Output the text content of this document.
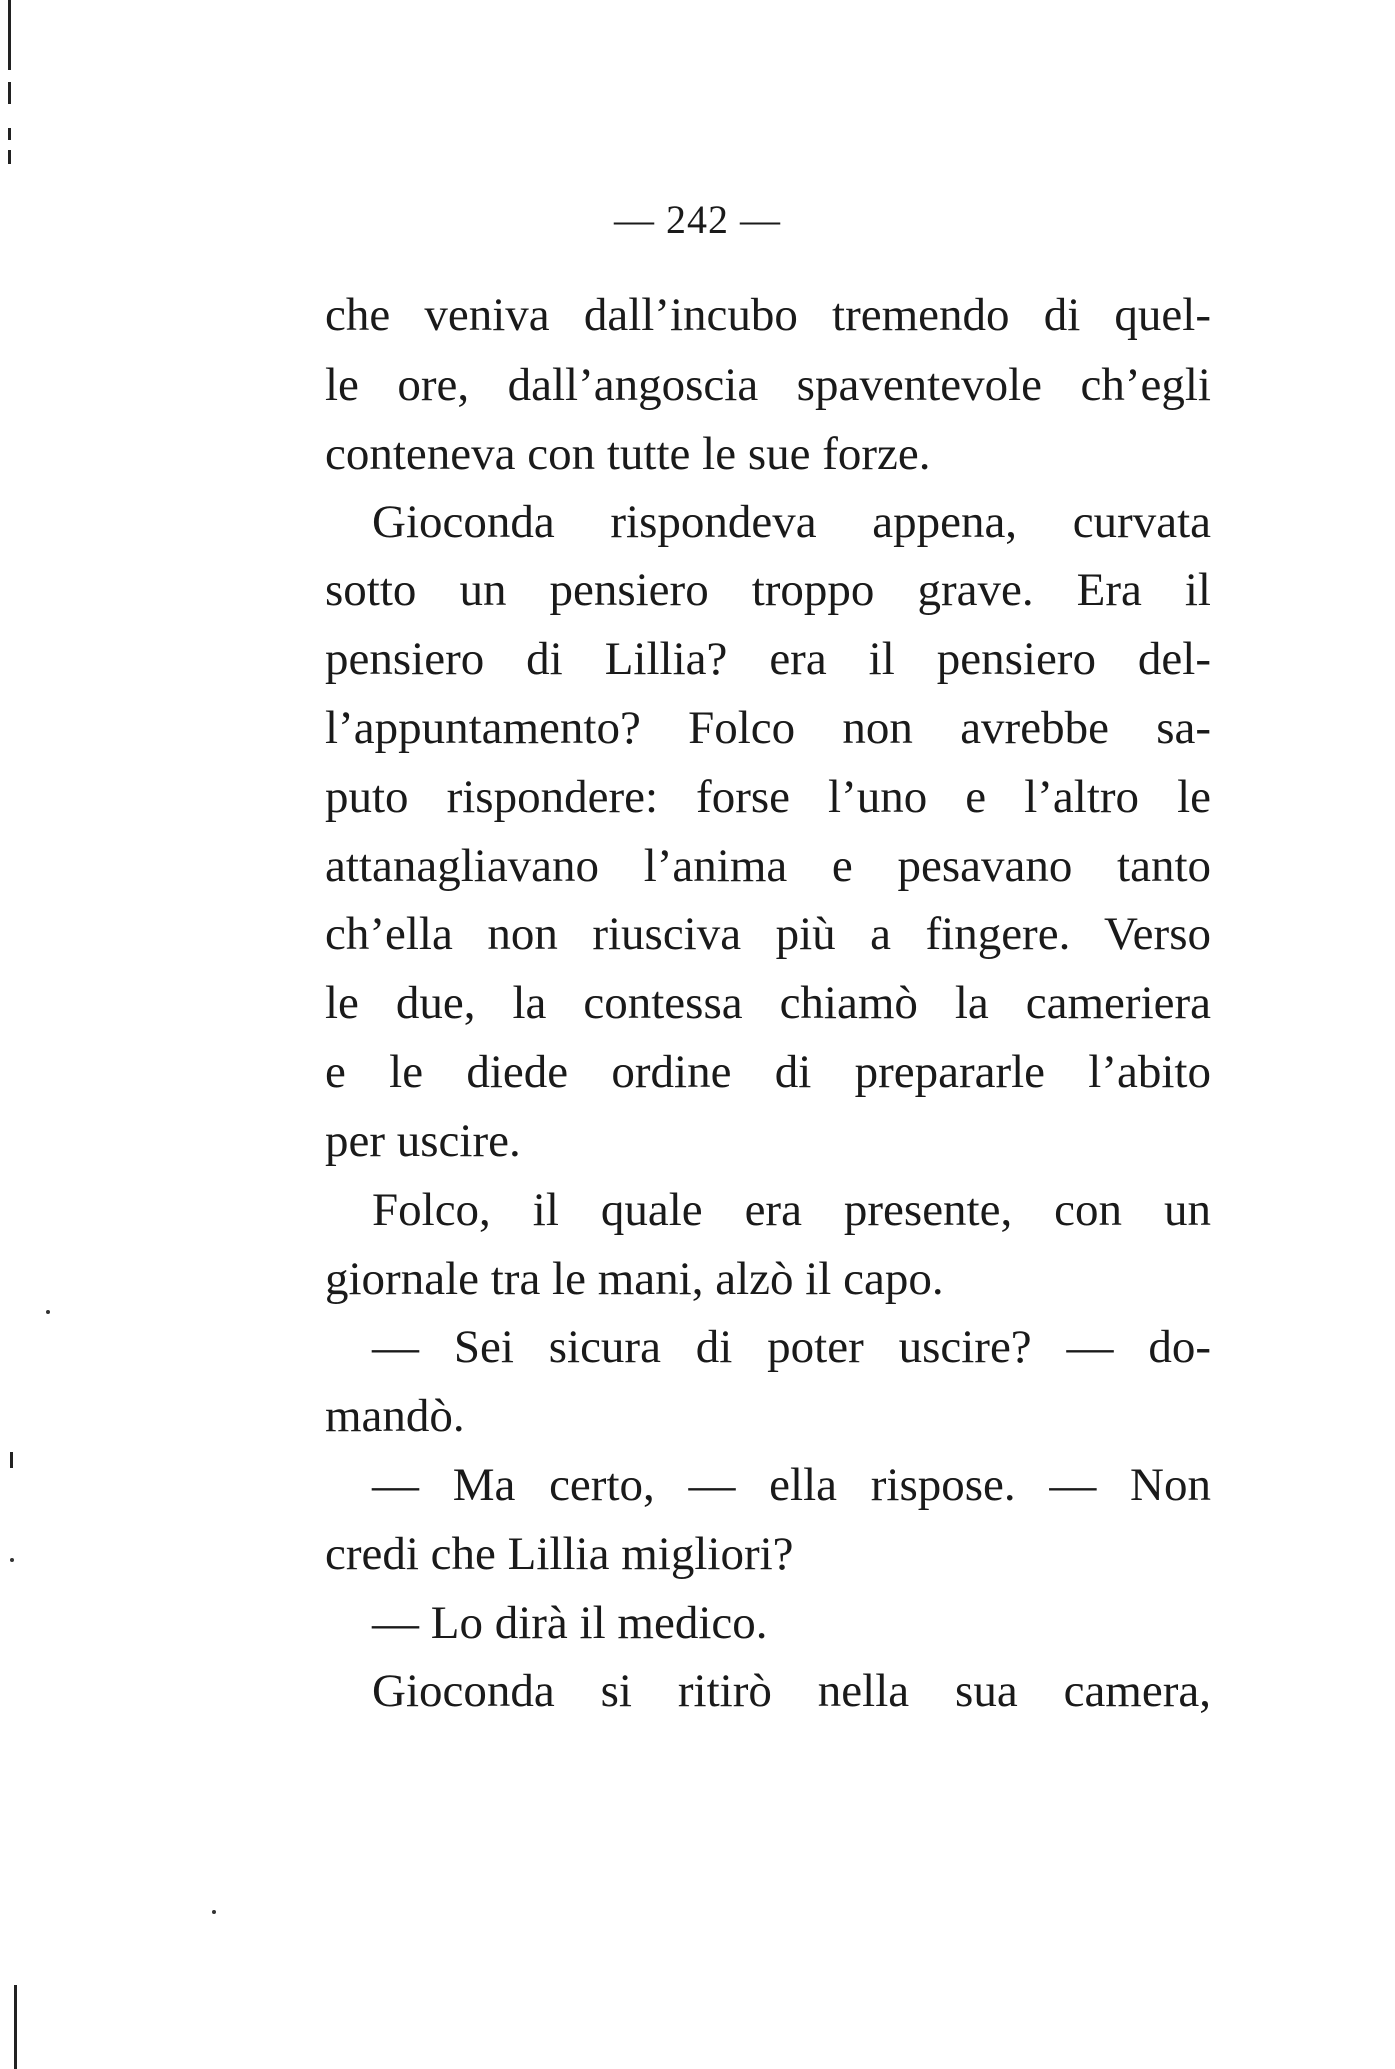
— 242 —
che veniva dall’incubo tremendo di quel-
le ore, dall’angoscia spaventevole ch’egli
conteneva con tutte le sue forze.
Gioconda rispondeva appena, curvata
sotto un pensiero troppo grave. Era il
pensiero di Lillia? era il pensiero del-
l’appuntamento? Folco non avrebbe sa-
puto rispondere: forse l’uno e l’altro le
attanagliavano l’anima e pesavano tanto
ch’ella non riusciva più a fingere. Verso
le due, la contessa chiamò la cameriera
e le diede ordine di prepararle l’abito
per uscire.
Folco, il quale era presente, con un
giornale tra le mani, alzò il capo.
— Sei sicura di poter uscire? — do-
mandò.
— Ma certo, — ella rispose. — Non
credi che Lillia migliori?
— Lo dirà il medico.
Gioconda si ritirò nella sua camera,
